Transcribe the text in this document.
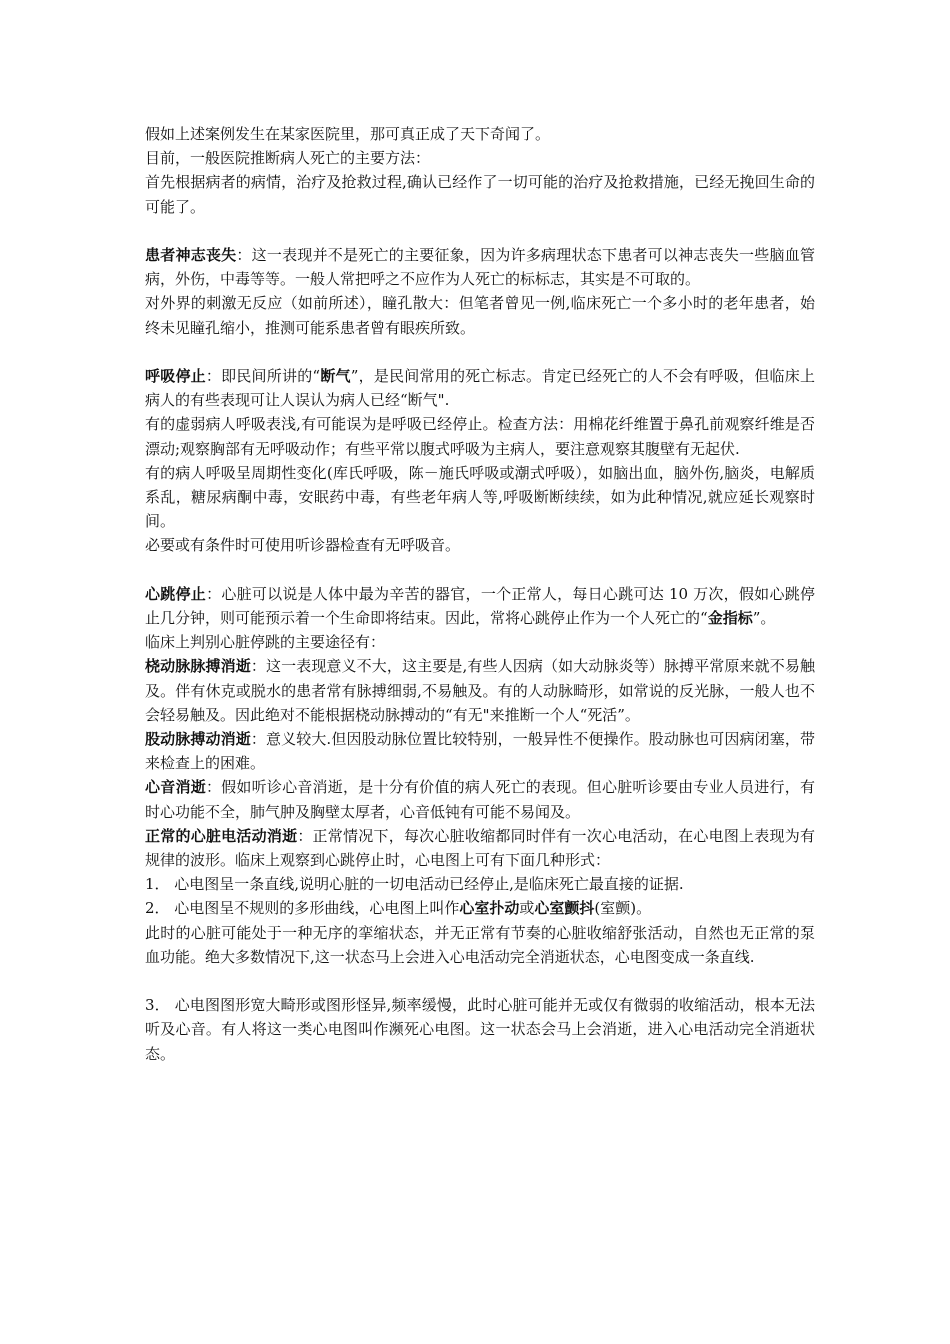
假如上述案例发生在某家医院里，那可真正成了天下奇闻了。

目前，一般医院推断病人死亡的主要方法：

首先根据病者的病情，治疗及抢救过程,确认已经作了一切可能的治疗及抢救措施，已经无挽回生命的可能了。

患者神志丧失：这一表现并不是死亡的主要征象，因为许多病理状态下患者可以神志丧失一些脑血管病，外伤，中毒等等。一般人常把呼之不应作为人死亡的标标志，其实是不可取的。

对外界的刺激无反应（如前所述），瞳孔散大：但笔者曾见一例,临床死亡一个多小时的老年患者，始终未见瞳孔缩小，推测可能系患者曾有眼疾所致。

呼吸停止：即民间所讲的“断气”，是民间常用的死亡标志。肯定已经死亡的人不会有呼吸，但临床上病人的有些表现可让人误认为病人已经“断气".

有的虚弱病人呼吸表浅,有可能误为是呼吸已经停止。检查方法：用棉花纤维置于鼻孔前观察纤维是否漂动;观察胸部有无呼吸动作；有些平常以腹式呼吸为主病人，要注意观察其腹壁有无起伏.

有的病人呼吸呈周期性变化(库氏呼吸，陈－施氏呼吸或潮式呼吸），如脑出血，脑外伤,脑炎，电解质系乱，糖尿病酮中毒，安眠药中毒，有些老年病人等,呼吸断断续续，如为此种情况,就应延长观察时间。

必要或有条件时可使用听诊器检查有无呼吸音。

心跳停止：心脏可以说是人体中最为辛苦的器官，一个正常人，每日心跳可达 10 万次，假如心跳停止几分钟，则可能预示着一个生命即将结束。因此，常将心跳停止作为一个人死亡的“金指标”。

临床上判别心脏停跳的主要途径有：

桡动脉脉搏消逝：这一表现意义不大，这主要是,有些人因病（如大动脉炎等）脉搏平常原来就不易触及。伴有休克或脱水的患者常有脉搏细弱,不易触及。有的人动脉畸形，如常说的反光脉，一般人也不会轻易触及。因此绝对不能根据桡动脉搏动的“有无"来推断一个人“死活”。

股动脉搏动消逝：意义较大.但因股动脉位置比较特别，一般异性不便操作。股动脉也可因病闭塞，带来检查上的困难。

心音消逝：假如听诊心音消逝，是十分有价值的病人死亡的表现。但心脏听诊要由专业人员进行，有时心功能不全，肺气肿及胸壁太厚者，心音低钝有可能不易闻及。

正常的心脏电活动消逝：正常情况下，每次心脏收缩都同时伴有一次心电活动，在心电图上表现为有规律的波形。临床上观察到心跳停止时，心电图上可有下面几种形式：

1． 心电图呈一条直线,说明心脏的一切电活动已经停止,是临床死亡最直接的证据.

2． 心电图呈不规则的多形曲线，心电图上叫作心室扑动或心室颤抖(室颤)。

此时的心脏可能处于一种无序的挛缩状态，并无正常有节奏的心脏收缩舒张活动，自然也无正常的泵血功能。绝大多数情况下,这一状态马上会进入心电活动完全消逝状态，心电图变成一条直线.

3． 心电图图形宽大畸形或图形怪异,频率缓慢，此时心脏可能并无或仅有微弱的收缩活动，根本无法听及心音。有人将这一类心电图叫作濒死心电图。这一状态会马上会消逝，进入心电活动完全消逝状态。
